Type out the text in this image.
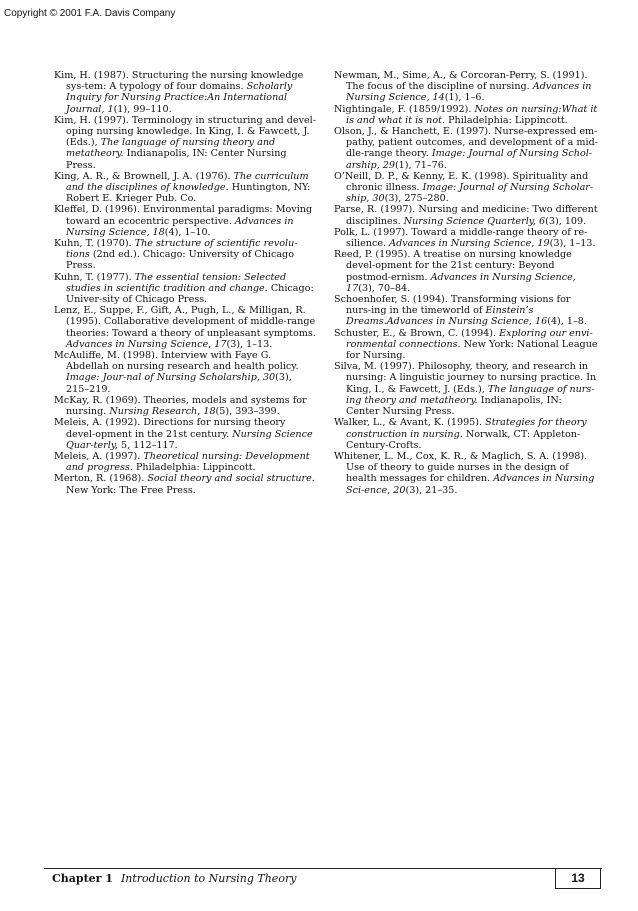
Copyright © 2001 F.A. Davis Company

Kim, H. (1987). Structuring the nursing knowledge sys-tem: A typology of four domains. Scholarly Inquiry for Nursing Practice:An International Journal, 1(1), 99–110.

Kim, H. (1997). Terminology in structuring and devel-oping nursing knowledge. In King, I. & Fawcett, J. (Eds.), The language of nursing theory and metatheory. Indianapolis, IN: Center Nursing Press.

King, A. R., & Brownell, J. A. (1976). The curriculum and the disciplines of knowledge. Huntington, NY: Robert E. Krieger Pub. Co.

Kleffel, D. (1996). Environmental paradigms: Moving toward an ecocentric perspective. Advances in Nursing Science, 18(4), 1–10.

Kuhn, T. (1970). The structure of scientific revolu-tions (2nd ed.). Chicago: University of Chicago Press.

Kuhn, T. (1977). The essential tension: Selected studies in scientific tradition and change. Chicago: Univer-sity of Chicago Press.

Lenz, E., Suppe, F., Gift, A., Pugh, L., & Milligan, R. (1995). Collaborative development of middle-range theories: Toward a theory of unpleasant symptoms. Advances in Nursing Science, 17(3), 1–13.

McAuliffe, M. (1998). Interview with Faye G. Abdellah on nursing research and health policy. Image: Jour-nal of Nursing Scholarship, 30(3), 215–219.

McKay, R. (1969). Theories, models and systems for nursing. Nursing Research, 18(5), 393–399.

Meleis, A. (1992). Directions for nursing theory devel-opment in the 21st century. Nursing Science Quar-terly, 5, 112–117.

Meleis, A. (1997). Theoretical nursing: Development and progress. Philadelphia: Lippincott.

Merton, R. (1968). Social theory and social structure. New York: The Free Press.

Newman, M., Sime, A., & Corcoran-Perry, S. (1991). The focus of the discipline of nursing. Advances in Nursing Science, 14(1), 1–6.

Nightingale, F. (1859/1992). Notes on nursing:What it is and what it is not. Philadelphia: Lippincott.

Olson, J., & Hanchett, E. (1997). Nurse-expressed em-pathy, patient outcomes, and development of a mid-dle-range theory. Image: Journal of Nursing Schol-arship, 29(1), 71–76.

O’Neill, D. P., & Kenny, E. K. (1998). Spirituality and chronic illness. Image: Journal of Nursing Scholar-ship, 30(3), 275–280.

Parse, R. (1997). Nursing and medicine: Two different disciplines. Nursing Science Quarterly, 6(3), 109.

Polk, L. (1997). Toward a middle-range theory of re-silience. Advances in Nursing Science, 19(3), 1–13.

Reed, P. (1995). A treatise on nursing knowledge devel-opment for the 21st century: Beyond postmod-ernism. Advances in Nursing Science, 17(3), 70–84.

Schoenhofer, S. (1994). Transforming visions for nurs-ing in the timeworld of Einstein’s Dreams.Advances in Nursing Science, 16(4), 1–8.

Schuster, E., & Brown, C. (1994). Exploring our envi-ronmental connections. New York: National League for Nursing.

Silva, M. (1997). Philosophy, theory, and research in nursing: A linguistic journey to nursing practice. In King, I., & Fawcett, J. (Eds.), The language of nurs-ing theory and metatheory. Indianapolis, IN: Center Nursing Press.

Walker, L., & Avant, K. (1995). Strategies for theory construction in nursing. Norwalk, CT: Appleton-Century-Crofts.

Whitener, L. M., Cox, K. R., & Maglich, S. A. (1998). Use of theory to guide nurses in the design of health messages for children. Advances in Nursing Sci-ence, 20(3), 21–35.

Chapter 1 Introduction to Nursing Theory	13
